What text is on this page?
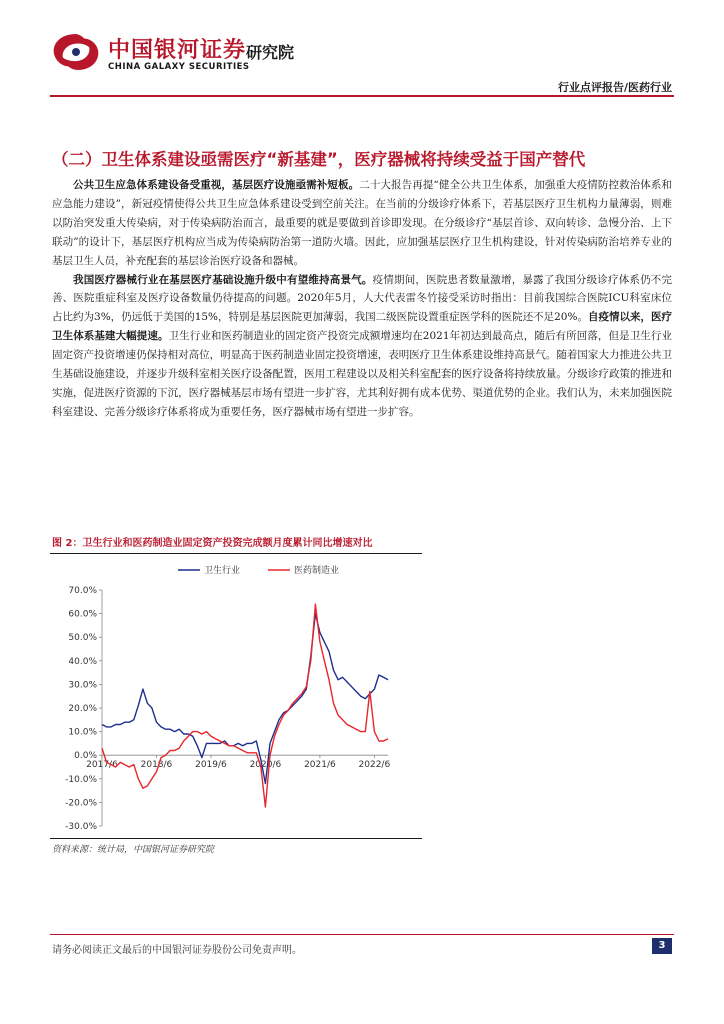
中国银河证券
CHINA GALAXY SECURITIES
研究院
行业点评报告/医药行业
（二）卫生体系建设亟需医疗“新基建”，医疗器械将持续受益于国产替代

公共卫生应急体系建设备受重视，基层医疗设施亟需补短板。二十大报告再提“健全公共卫生体系，加强重大疫情防控救治体系和应急能力建设”，新冠疫情使得公共卫生应急体系建设受到空前关注。在当前的分级诊疗体系下，若基层医疗卫生机构力量薄弱，则难以防治突发重大传染病，对于传染病防治而言，最重要的就是要做到首诊即发现。在分级诊疗“基层首诊、双向转诊、急慢分治、上下联动”的设计下，基层医疗机构应当成为传染病防治第一道防火墙。因此，应加强基层医疗卫生机构建设，针对传染病防治培养专业的基层卫生人员，补充配套的基层诊治医疗设备和器械。

我国医疗器械行业在基层医疗基础设施升级中有望维持高景气。疫情期间，医院患者数量激增，暴露了我国分级诊疗体系仍不完善、医院重症科室及医疗设备数量仍待提高的问题。2020年5月，人大代表雷冬竹接受采访时指出：目前我国综合医院ICU科室床位占比约为3%，仍远低于美国的15%，特别是基层医院更加薄弱，我国二级医院设置重症医学科的医院还不足20%。自疫情以来，医疗卫生体系基建大幅提速。卫生行业和医药制造业的固定资产投资完成额增速均在2021年初达到最高点，随后有所回落，但是卫生行业固定资产投资增速仍保持相对高位，明显高于医药制造业固定投资增速，表明医疗卫生体系建设维持高景气。随着国家大力推进公共卫生基础设施建设，并逐步升级科室相关医疗设备配置，医用工程建设以及相关科室配套的医疗设备将持续放量。分级诊疗政策的推进和实施，促进医疗资源的下沉，医疗器械基层市场有望进一步扩容，尤其利好拥有成本优势、渠道优势的企业。我们认为，未来加强医院科室建设、完善分级诊疗体系将成为重要任务，医疗器械市场有望进一步扩容。

图 2：卫生行业和医药制造业固定资产投资完成额月度累计同比增速对比
70.0%
60.0%
50.0%
40.0%
30.0%
20.0%
10.0%
0.0%
-10.0%
-20.0%
-30.0%
2017/6	2018/6	2019/6	2020/6	2021/6	2022/6
卫生行业	医药制造业
资料来源：统计局，中国银河证券研究院
请务必阅读正文最后的中国银河证券股份公司免责声明。	3
